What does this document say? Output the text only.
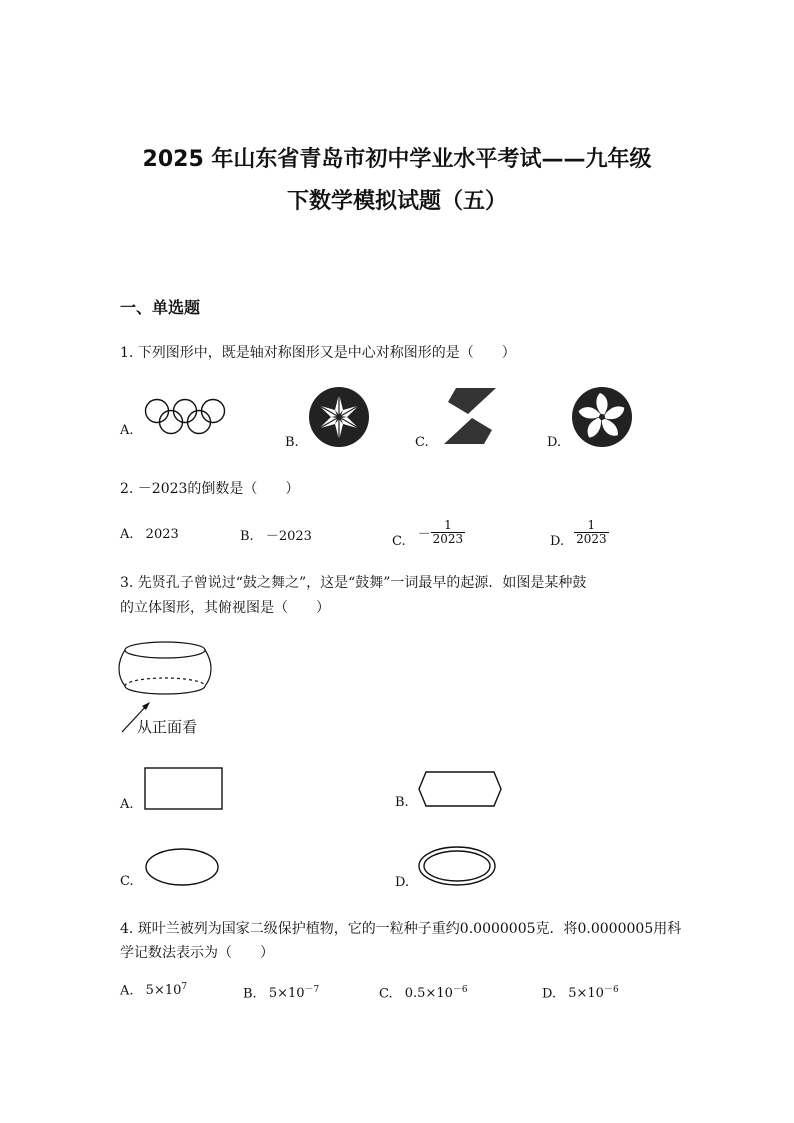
2025 年山东省青岛市初中学业水平考试——九年级
下数学模拟试题（五）
一、单选题
1. 下列图形中，既是轴对称图形又是中心对称图形的是（　　）
A.
B.	C.	D.
2. －2023的倒数是（　　）
A. 2023	B. －2023	C. － $\frac{1}{2023}$	D. $\frac{1}{2023}$
3. 先贤孔子曾说过“鼓之舞之”，这是“鼓舞”一词最早的起源．如图是某种鼓
的立体图形，其俯视图是（　　）
从正面看
A.	B.
C.	D.
4. 斑叶兰被列为国家二级保护植物，它的一粒种子重约0.0000005克．将0.0000005用科
学记数法表示为（　　）
A. $5\times 10^7$	B. $5\times 10^{-7}$	C. $0.5\times 10^{-6}$	D. $5\times 10^{-6}$
